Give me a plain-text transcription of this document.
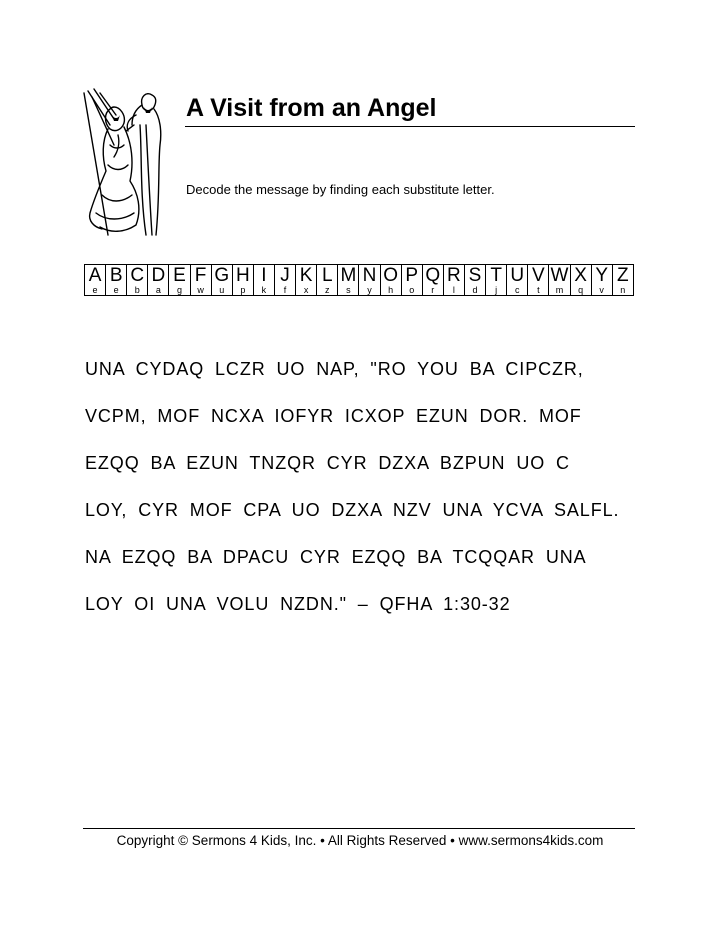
A Visit from an Angel
Decode the message by finding each substitute letter.
A
e
B
e
C
b
D
a
E
g
F
w
G
u
H
p
I
k
J
f
K
x
L
z
M
s
N
y
O
h
P
o
Q
r
R
l
S
d
T
j
U
c
V
t
W
m
X
q
Y
v
Z
n
UNA CYDAQ LCZR UO NAP, "RO YOU BA CIPCZR,
VCPM, MOF NCXA IOFYR ICXOP EZUN DOR. MOF
EZQQ BA EZUN TNZQR CYR DZXA BZPUN UO C
LOY, CYR MOF CPA UO DZXA NZV UNA YCVA SALFL.
NA EZQQ BA DPACU CYR EZQQ BA TCQQAR UNA
LOY OI UNA VOLU NZDN." – QFHA 1:30-32
Copyright © Sermons 4 Kids, Inc. • All Rights Reserved • www.sermons4kids.com
